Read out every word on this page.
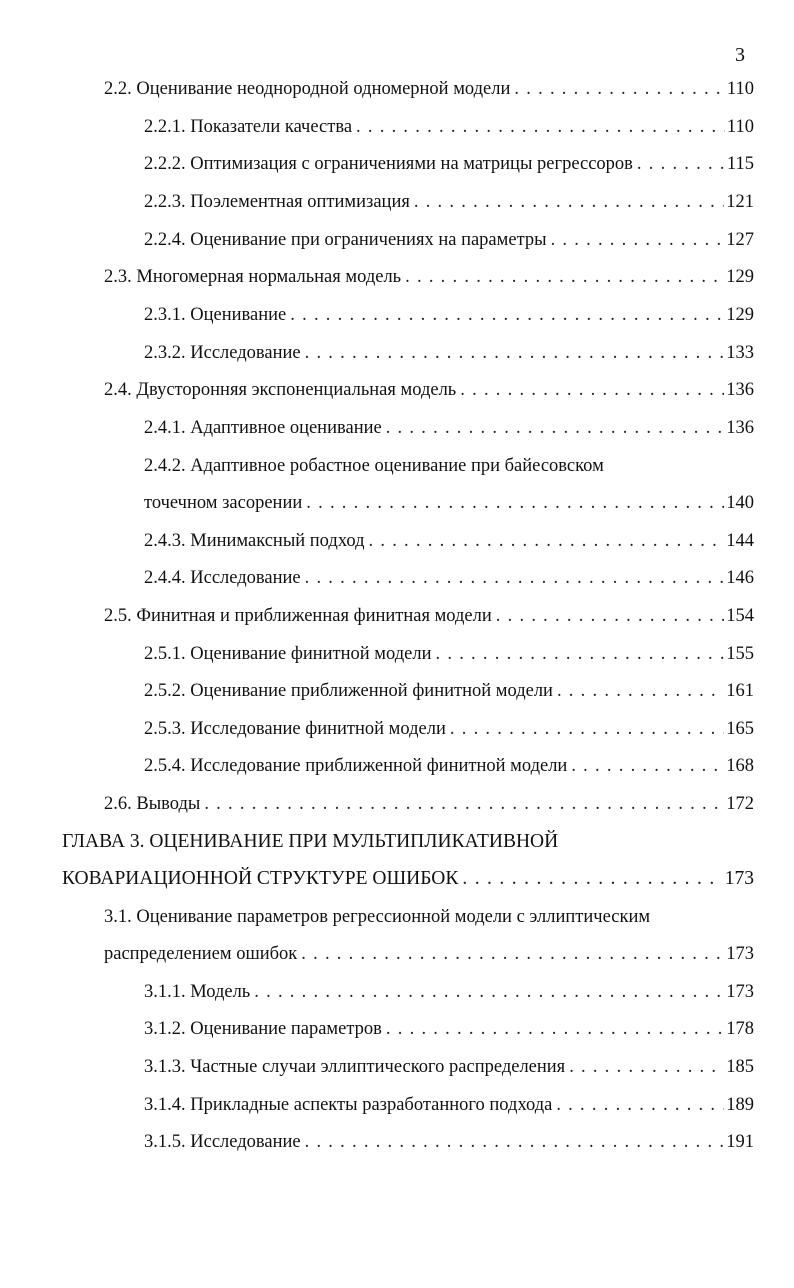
3
2.2. Оценивание неоднородной одномерной модели . . .	110
2.2.1. Показатели качества . . .	110
2.2.2. Оптимизация с ограничениями на матрицы регрессоров . . .	115
2.2.3. Поэлементная оптимизация . . .	121
2.2.4. Оценивание при ограничениях на параметры . . .	127
2.3. Многомерная нормальная модель . . .	129
2.3.1. Оценивание . . .	129
2.3.2. Исследование . . .	133
2.4. Двусторонняя экспоненциальная модель . . .	136
2.4.1. Адаптивное оценивание . . .	136
2.4.2. Адаптивное робастное оценивание при байесовском
точечном засорении . . .	140
2.4.3. Минимаксный подход . . .	144
2.4.4. Исследование . . .	146
2.5. Финитная и приближенная финитная модели . . .	154
2.5.1. Оценивание финитной модели . . .	155
2.5.2. Оценивание приближенной финитной модели . . .	161
2.5.3. Исследование финитной модели . . .	165
2.5.4. Исследование приближенной финитной модели . . .	168
2.6. Выводы . . .	172
ГЛАВА 3. ОЦЕНИВАНИЕ ПРИ МУЛЬТИПЛИКАТИВНОЙ
КОВАРИАЦИОННОЙ СТРУКТУРЕ ОШИБОК . . .	173
3.1. Оценивание параметров регрессионной модели с эллиптическим
распределением ошибок . . .	173
3.1.1. Модель . . .	173
3.1.2. Оценивание параметров . . .	178
3.1.3. Частные случаи эллиптического распределения . . .	185
3.1.4. Прикладные аспекты разработанного подхода . . .	189
3.1.5. Исследование . . .	191
